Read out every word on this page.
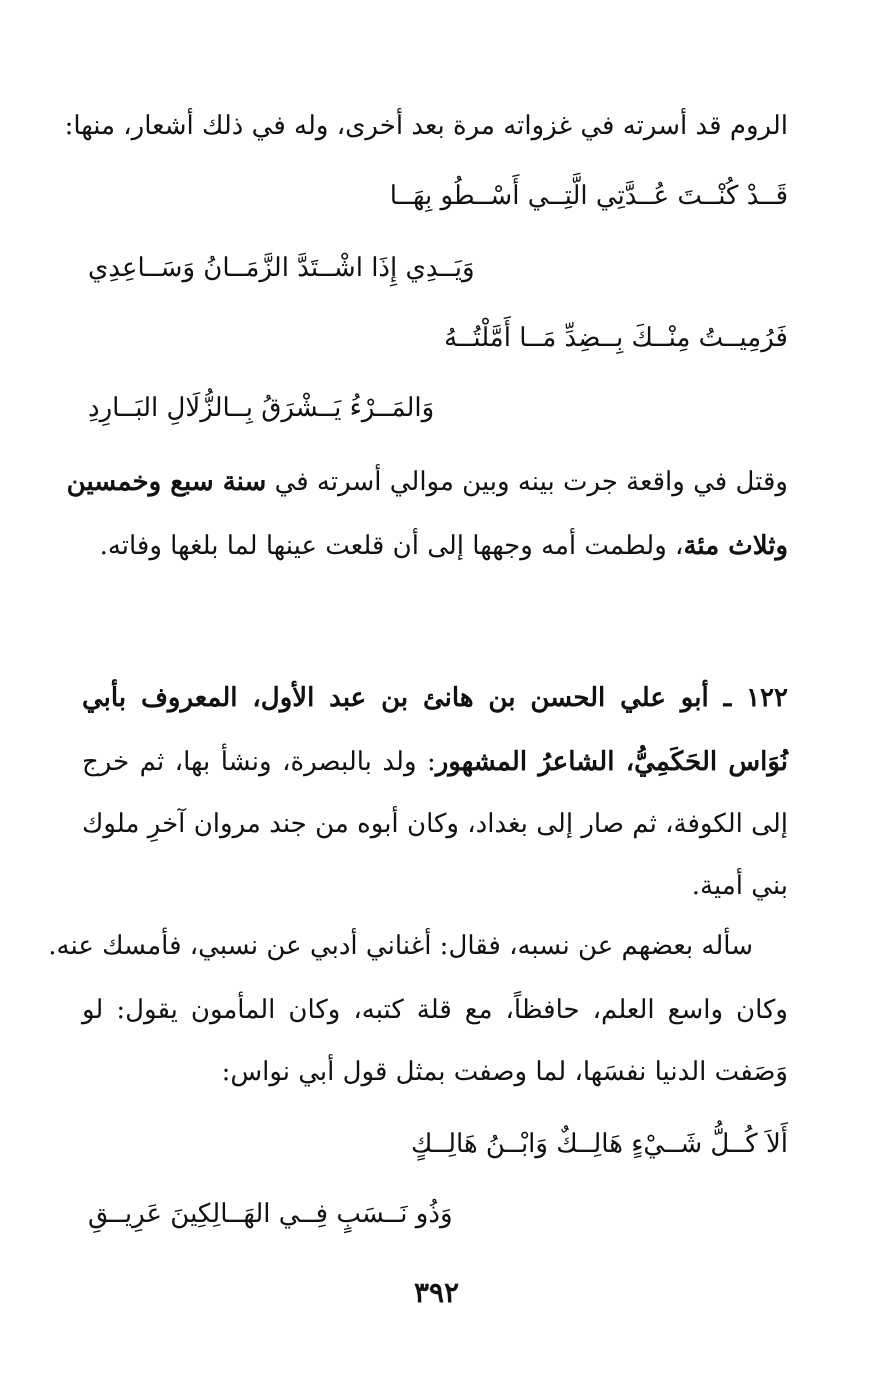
الروم قد أسرته في غزواته مرة بعد أخرى، وله في ذلك أشعار، منها:
قَــدْ كُنْــتَ عُــدَّتِي الَّتِــي أَسْــطُو بِهَــا
وَيَــدِي إِذَا اشْــتَدَّ الزَّمَــانُ وَسَــاعِدِي
فَرُمِيــتُ مِنْــكَ بِــضِدِّ مَــا أَمَّلْتُــهُ
وَالمَــرْءُ يَــشْرَقُ بِــالزُّلَالِ البَــارِدِ
وقتل في واقعة جرت بينه وبين موالي أسرته في سنة سبع وخمسين
وثلاث مئة، ولطمت أمه وجهها إلى أن قلعت عينها لما بلغها وفاته.
١٢٢ ـ أبو علي الحسن بن هانئ بن عبد الأول، المعروف بأبي
نُوَاس الحَكَمِيُّ، الشاعرُ المشهور: ولد بالبصرة، ونشأ بها، ثم خرج
إلى الكوفة، ثم صار إلى بغداد، وكان أبوه من جند مروان آخرِ ملوك
بني أمية.
سأله بعضهم عن نسبه، فقال: أغناني أدبي عن نسبي، فأمسك عنه.
وكان واسع العلم، حافظاً، مع قلة كتبه، وكان المأمون يقول: لو
وَصَفت الدنيا نفسَها، لما وصفت بمثل قول أبي نواس:
أَلاَ كُــلُّ شَــيْءٍ هَالِــكٌ وَابْــنُ هَالِــكٍ
وَذُو نَــسَبٍ فِــي الهَــالِكِينَ عَرِيــقِ
٣٩٢
